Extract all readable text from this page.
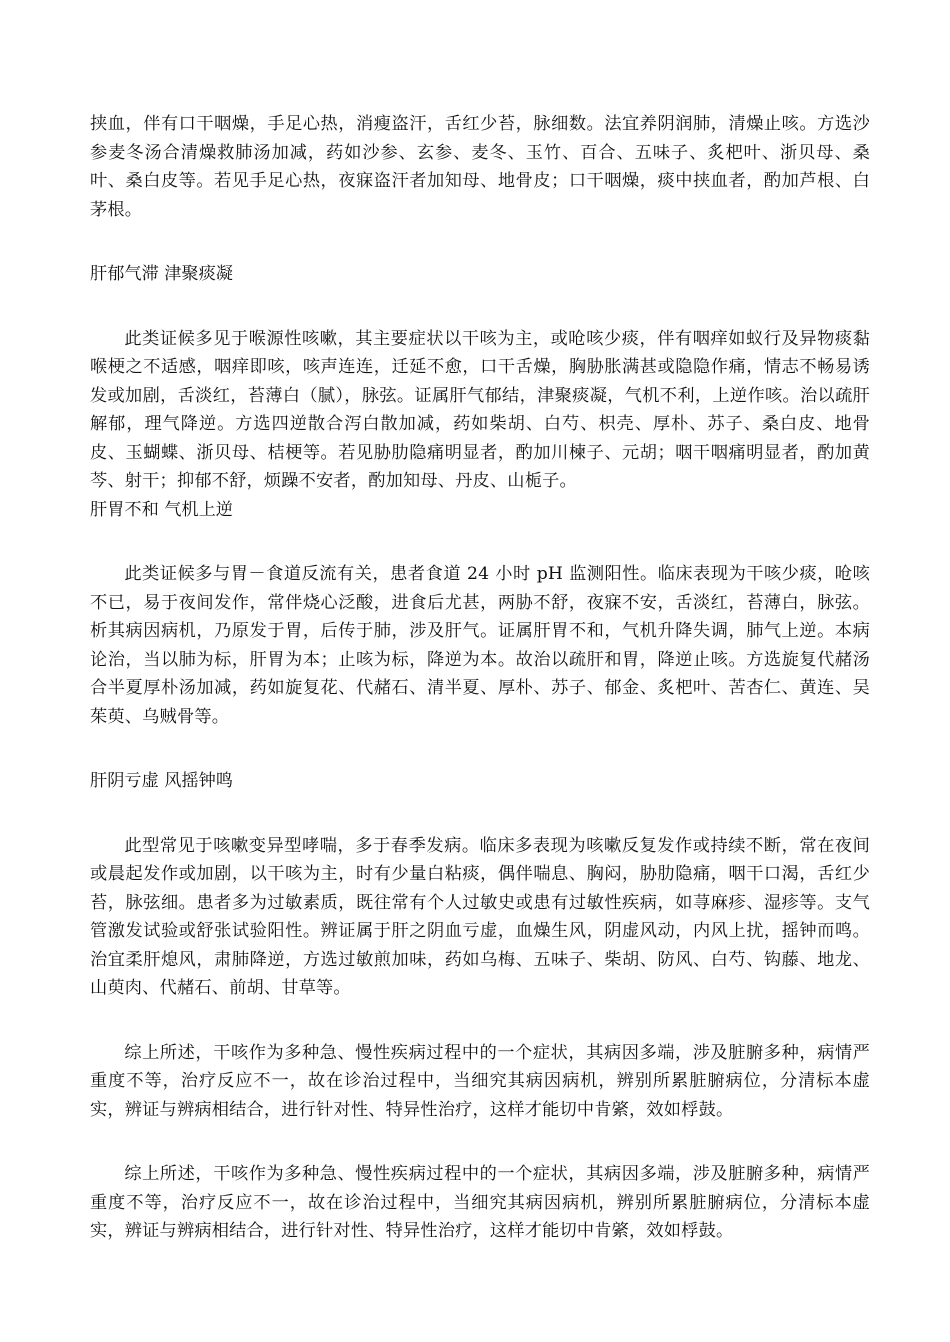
挟血，伴有口干咽燥，手足心热，消瘦盗汗，舌红少苔，脉细数。法宜养阴润肺，清燥止咳。方选沙参麦冬汤合清燥救肺汤加减，药如沙参、玄参、麦冬、玉竹、百合、五味子、炙杷叶、浙贝母、桑叶、桑白皮等。若见手足心热，夜寐盗汗者加知母、地骨皮；口干咽燥，痰中挟血者，酌加芦根、白茅根。

肝郁气滞 津聚痰凝

此类证候多见于喉源性咳嗽，其主要症状以干咳为主，或呛咳少痰，伴有咽痒如蚁行及异物痰黏喉梗之不适感，咽痒即咳，咳声连连，迁延不愈，口干舌燥，胸胁胀满甚或隐隐作痛，情志不畅易诱发或加剧，舌淡红，苔薄白（腻），脉弦。证属肝气郁结，津聚痰凝，气机不利，上逆作咳。治以疏肝解郁，理气降逆。方选四逆散合泻白散加减，药如柴胡、白芍、枳壳、厚朴、苏子、桑白皮、地骨皮、玉蝴蝶、浙贝母、桔梗等。若见胁肋隐痛明显者，酌加川楝子、元胡；咽干咽痛明显者，酌加黄芩、射干；抑郁不舒，烦躁不安者，酌加知母、丹皮、山栀子。

肝胃不和 气机上逆

此类证候多与胃－食道反流有关，患者食道 24 小时 pH 监测阳性。临床表现为干咳少痰，呛咳不已，易于夜间发作，常伴烧心泛酸，进食后尤甚，两胁不舒，夜寐不安，舌淡红，苔薄白，脉弦。析其病因病机，乃原发于胃，后传于肺，涉及肝气。证属肝胃不和，气机升降失调，肺气上逆。本病论治，当以肺为标，肝胃为本；止咳为标，降逆为本。故治以疏肝和胃，降逆止咳。方选旋复代赭汤合半夏厚朴汤加减，药如旋复花、代赭石、清半夏、厚朴、苏子、郁金、炙杷叶、苦杏仁、黄连、吴茱萸、乌贼骨等。

肝阴亏虚 风摇钟鸣

此型常见于咳嗽变异型哮喘，多于春季发病。临床多表现为咳嗽反复发作或持续不断，常在夜间或晨起发作或加剧，以干咳为主，时有少量白粘痰，偶伴喘息、胸闷，胁肋隐痛，咽干口渴，舌红少苔，脉弦细。患者多为过敏素质，既往常有个人过敏史或患有过敏性疾病，如荨麻疹、湿疹等。支气管激发试验或舒张试验阳性。辨证属于肝之阴血亏虚，血燥生风，阴虚风动，内风上扰，摇钟而鸣。治宜柔肝熄风，肃肺降逆，方选过敏煎加味，药如乌梅、五味子、柴胡、防风、白芍、钩藤、地龙、山萸肉、代赭石、前胡、甘草等。

综上所述，干咳作为多种急、慢性疾病过程中的一个症状，其病因多端，涉及脏腑多种，病情严重度不等，治疗反应不一，故在诊治过程中，当细究其病因病机，辨别所累脏腑病位，分清标本虚实，辨证与辨病相结合，进行针对性、特异性治疗，这样才能切中肯綮，效如桴鼓。

综上所述，干咳作为多种急、慢性疾病过程中的一个症状，其病因多端，涉及脏腑多种，病情严重度不等，治疗反应不一，故在诊治过程中，当细究其病因病机，辨别所累脏腑病位，分清标本虚实，辨证与辨病相结合，进行针对性、特异性治疗，这样才能切中肯綮，效如桴鼓。
